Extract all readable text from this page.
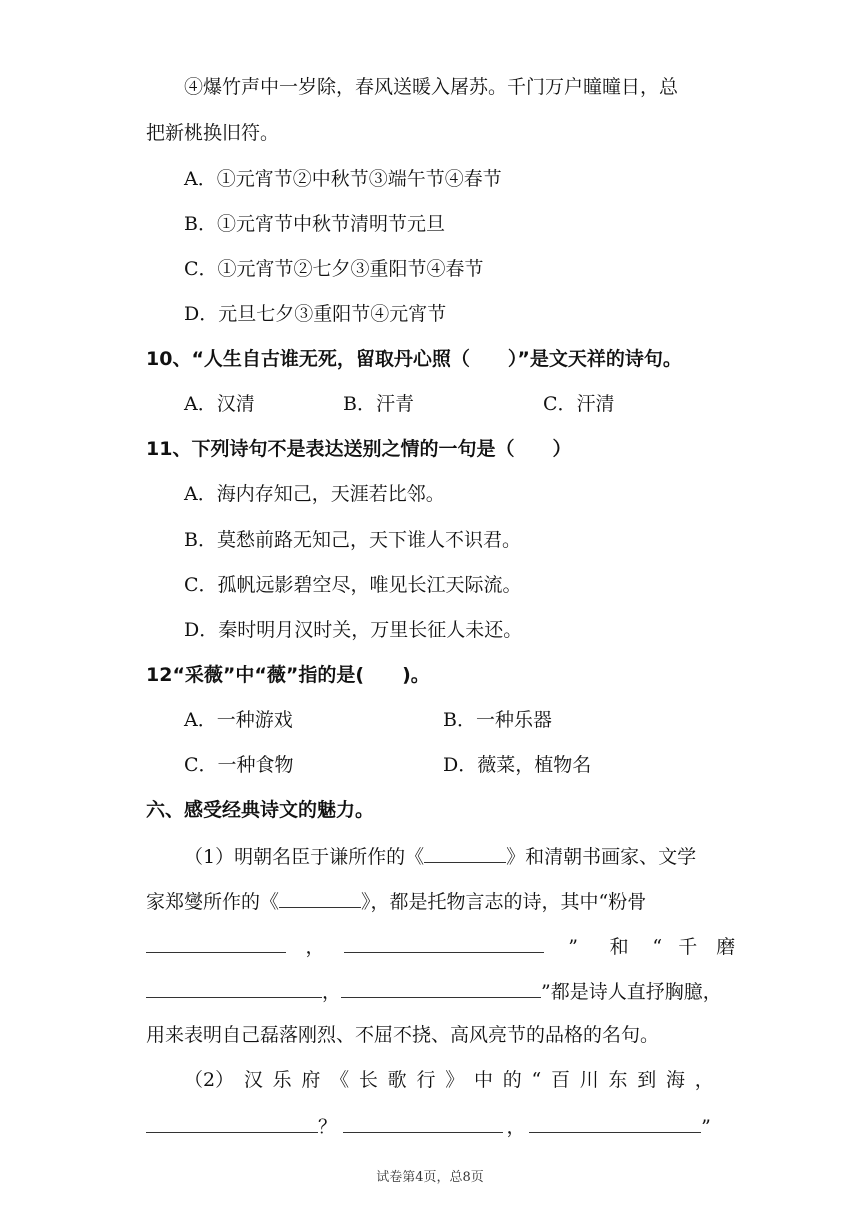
④爆竹声中一岁除，春风送暖入屠苏。千门万户曈曈日，总
把新桃换旧符。
A．①元宵节②中秋节③端午节④春节
B．①元宵节中秋节清明节元旦
C．①元宵节②七夕③重阳节④春节
D．元旦七夕③重阳节④元宵节
10、“人生自古谁无死，留取丹心照（　　）”是文天祥的诗句。
A．汉清	B．汗青	C．汗清
11、下列诗句不是表达送别之情的一句是（　　）
A．海内存知己，天涯若比邻。
B．莫愁前路无知己，天下谁人不识君。
C．孤帆远影碧空尽，唯见长江天际流。
D．秦时明月汉时关，万里长征人未还。
12“采薇”中“薇”指的是(　　)。
A．一种游戏	B．一种乐器
C．一种食物	D．薇菜，植物名
六、感受经典诗文的魅力。
（1）明朝名臣于谦所作的《	》和清朝书画家、文学
家郑燮所作的《	》，都是托物言志的诗，其中“粉骨
，	” 和 “ 千　磨
，	”都是诗人直抒胸臆，
用来表明自己磊落刚烈、不屈不挠、高风亮节的品格的名句。
（2） 汉 乐 府 《 长 歌 行 》 中 的 “ 百 川 东 到 海 ，
？	，	”
试卷第4页，总8页
